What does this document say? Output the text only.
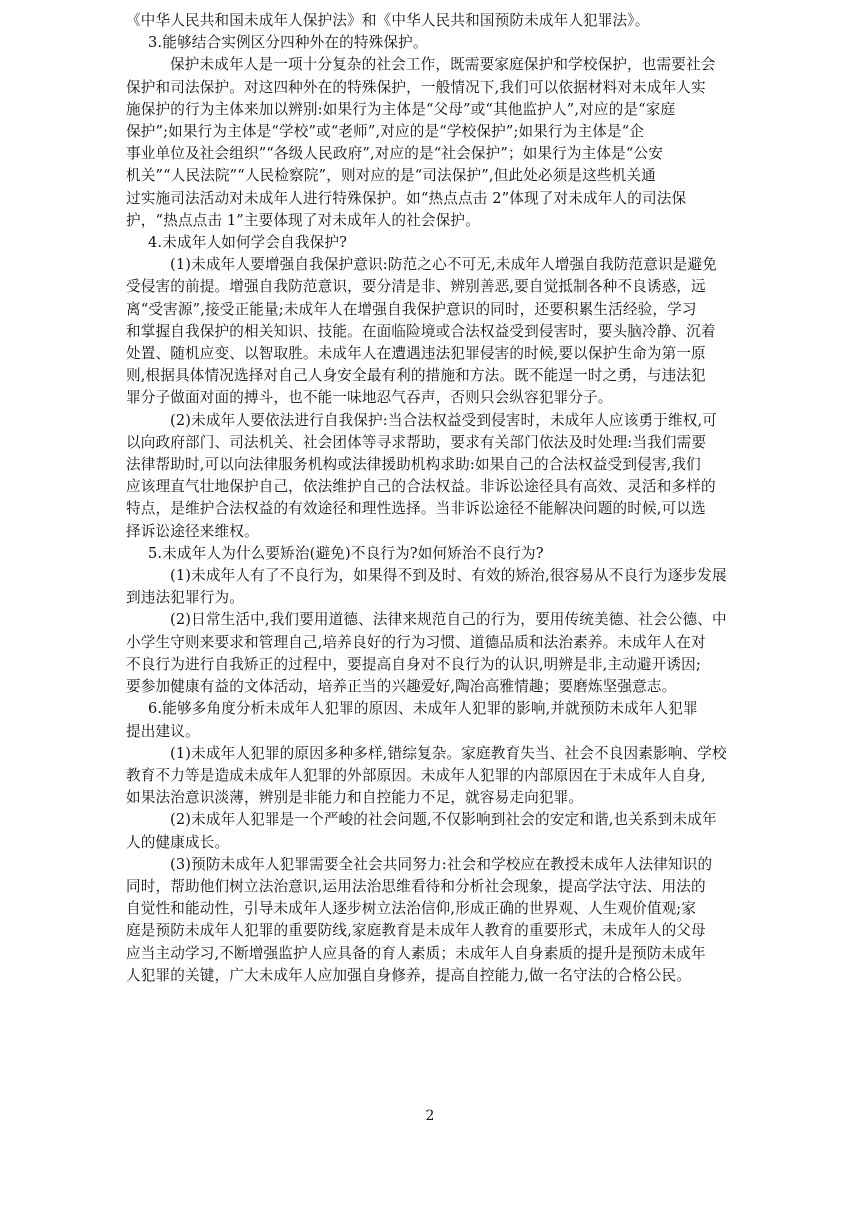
《中华人民共和国未成年人保护法》和《中华人民共和国预防未成年人犯罪法》。
3.能够结合实例区分四种外在的特殊保护。
保护未成年人是一项十分复杂的社会工作，既需要家庭保护和学校保护，也需要社会
保护和司法保护。对这四种外在的特殊保护，一般情况下,我们可以依据材料对未成年人实
施保护的行为主体来加以辨别:如果行为主体是“父母”或“其他监护人”,对应的是“家庭
保护”;如果行为主体是“学校”或“老师”,对应的是“学校保护”;如果行为主体是“企
事业单位及社会组织”“各级人民政府”,对应的是“社会保护”；如果行为主体是“公安
机关”“人民法院”“人民检察院”，则对应的是“司法保护”,但此处必须是这些机关通
过实施司法活动对未成年人进行特殊保护。如“热点点击 2”体现了对未成年人的司法保
护，“热点点击 1”主要体现了对未成年人的社会保护。
4.未成年人如何学会自我保护?
(1)未成年人要增强自我保护意识:防范之心不可无,未成年人增强自我防范意识是避免
受侵害的前提。增强自我防范意识，要分清是非、辨别善恶,要自觉抵制各种不良诱惑，远
离“受害源”,接受正能量;未成年人在增强自我保护意识的同时，还要积累生活经验，学习
和掌握自我保护的相关知识、技能。在面临险境或合法权益受到侵害时，要头脑冷静、沉着
处置、随机应变、以智取胜。未成年人在遭遇违法犯罪侵害的时候,要以保护生命为第一原
则,根据具体情况选择对自己人身安全最有利的措施和方法。既不能逞一时之勇，与违法犯
罪分子做面对面的搏斗，也不能一味地忍气吞声，否则只会纵容犯罪分子。
(2)未成年人要依法进行自我保护:当合法权益受到侵害时，未成年人应该勇于维权,可
以向政府部门、司法机关、社会团体等寻求帮助，要求有关部门依法及时处理:当我们需要
法律帮助时,可以向法律服务机构或法律援助机构求助:如果自己的合法权益受到侵害,我们
应该理直气壮地保护自己，依法维护自己的合法权益。非诉讼途径具有高效、灵活和多样的
特点，是维护合法权益的有效途径和理性选择。当非诉讼途径不能解决问题的时候,可以选
择诉讼途径来维权。
5.未成年人为什么要矫治(避免)不良行为?如何矫治不良行为?
(1)未成年人有了不良行为，如果得不到及时、有效的矫治,很容易从不良行为逐步发展
到违法犯罪行为。
(2)日常生活中,我们要用道德、法律来规范自己的行为，要用传统美德、社会公德、中
小学生守则来要求和管理自己,培养良好的行为习惯、道德品质和法治素养。未成年人在对
不良行为进行自我矫正的过程中，要提高自身对不良行为的认识,明辨是非,主动避开诱因;
要参加健康有益的文体活动，培养正当的兴趣爱好,陶冶高雅情趣；要磨炼坚强意志。
6.能够多角度分析未成年人犯罪的原因、未成年人犯罪的影响,并就预防未成年人犯罪
提出建议。
(1)未成年人犯罪的原因多种多样,错综复杂。家庭教育失当、社会不良因素影响、学校
教育不力等是造成未成年人犯罪的外部原因。未成年人犯罪的内部原因在于未成年人自身,
如果法治意识淡薄，辨别是非能力和自控能力不足，就容易走向犯罪。
(2)未成年人犯罪是一个严峻的社会问题,不仅影响到社会的安定和谐,也关系到未成年
人的健康成长。
(3)预防未成年人犯罪需要全社会共同努力:社会和学校应在教授未成年人法律知识的
同时，帮助他们树立法治意识,运用法治思维看待和分析社会现象，提高学法守法、用法的
自觉性和能动性，引导未成年人逐步树立法治信仰,形成正确的世界观、人生观价值观;家
庭是预防未成年人犯罪的重要防线,家庭教育是未成年人教育的重要形式，未成年人的父母
应当主动学习,不断增强监护人应具备的育人素质；未成年人自身素质的提升是预防未成年
人犯罪的关键，广大未成年人应加强自身修养，提高自控能力,做一名守法的合格公民。
2
